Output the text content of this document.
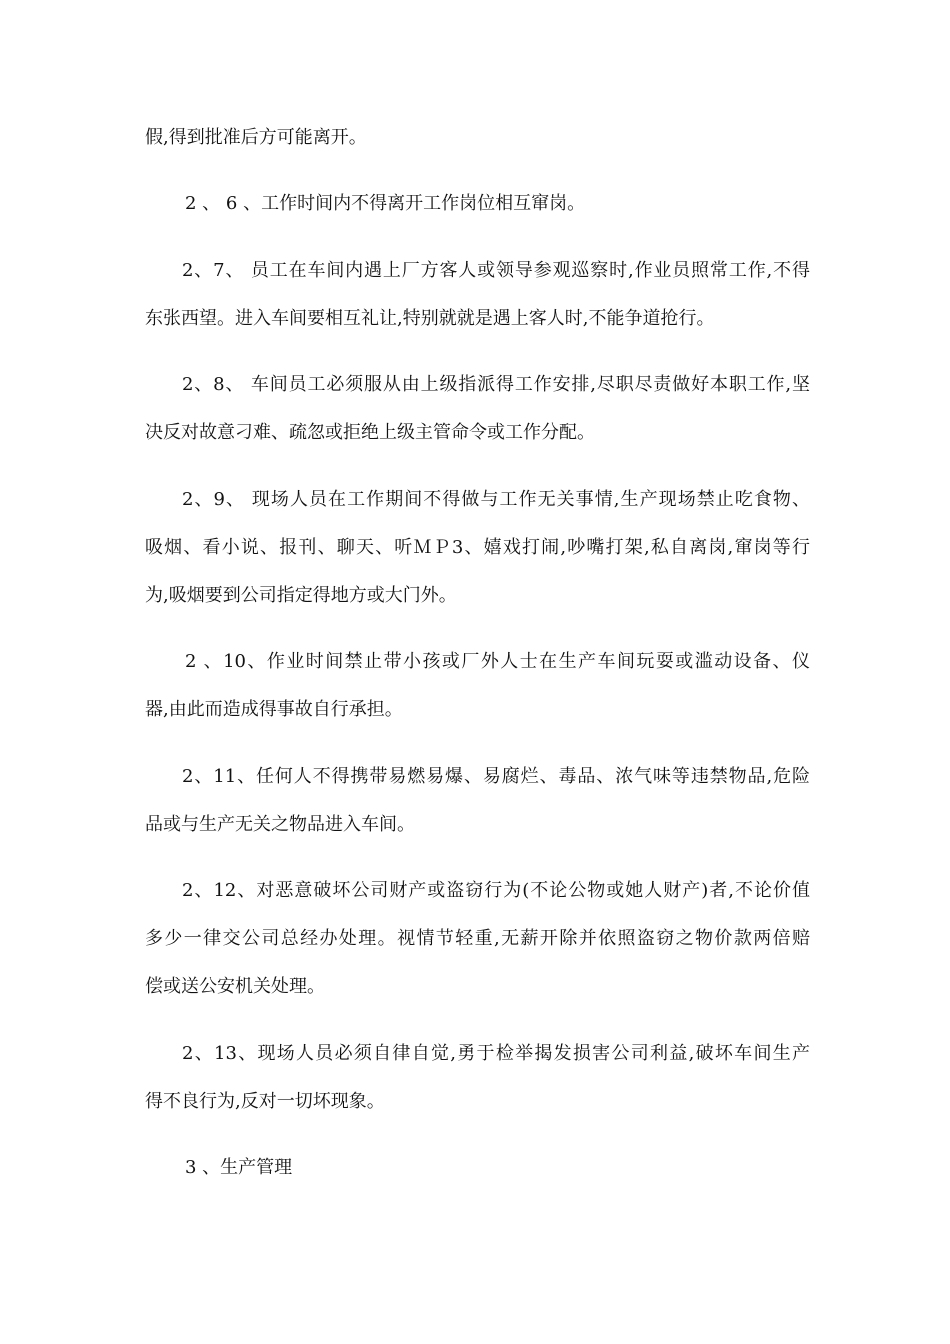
假,得到批准后方可能离开。
2 、 6 、工作时间内不得离开工作岗位相互窜岗。
2、7、 员工在车间内遇上厂方客人或领导参观巡察时,作业员照常工作,不得
东张西望。进入车间要相互礼让,特别就就是遇上客人时,不能争道抢行。
2、8、 车间员工必须服从由上级指派得工作安排,尽职尽责做好本职工作,坚
决反对故意刁难、疏忽或拒绝上级主管命令或工作分配。
2、9、 现场人员在工作期间不得做与工作无关事情,生产现场禁止吃食物、
吸烟、看小说、报刊、聊天、听ＭＰ3、嬉戏打闹,吵嘴打架,私自离岗,窜岗等行
为,吸烟要到公司指定得地方或大门外。
2 、10、作业时间禁止带小孩或厂外人士在生产车间玩耍或滥动设备、仪
器,由此而造成得事故自行承担。
2、11、任何人不得携带易燃易爆、易腐烂、毒品、浓气味等违禁物品,危险
品或与生产无关之物品进入车间。
2、12、对恶意破坏公司财产或盗窃行为(不论公物或她人财产)者,不论价值
多少一律交公司总经办处理。视情节轻重,无薪开除并依照盗窃之物价款两倍赔
偿或送公安机关处理。
2、13、现场人员必须自律自觉,勇于检举揭发损害公司利益,破坏车间生产
得不良行为,反对一切坏现象。
3 、生产管理
